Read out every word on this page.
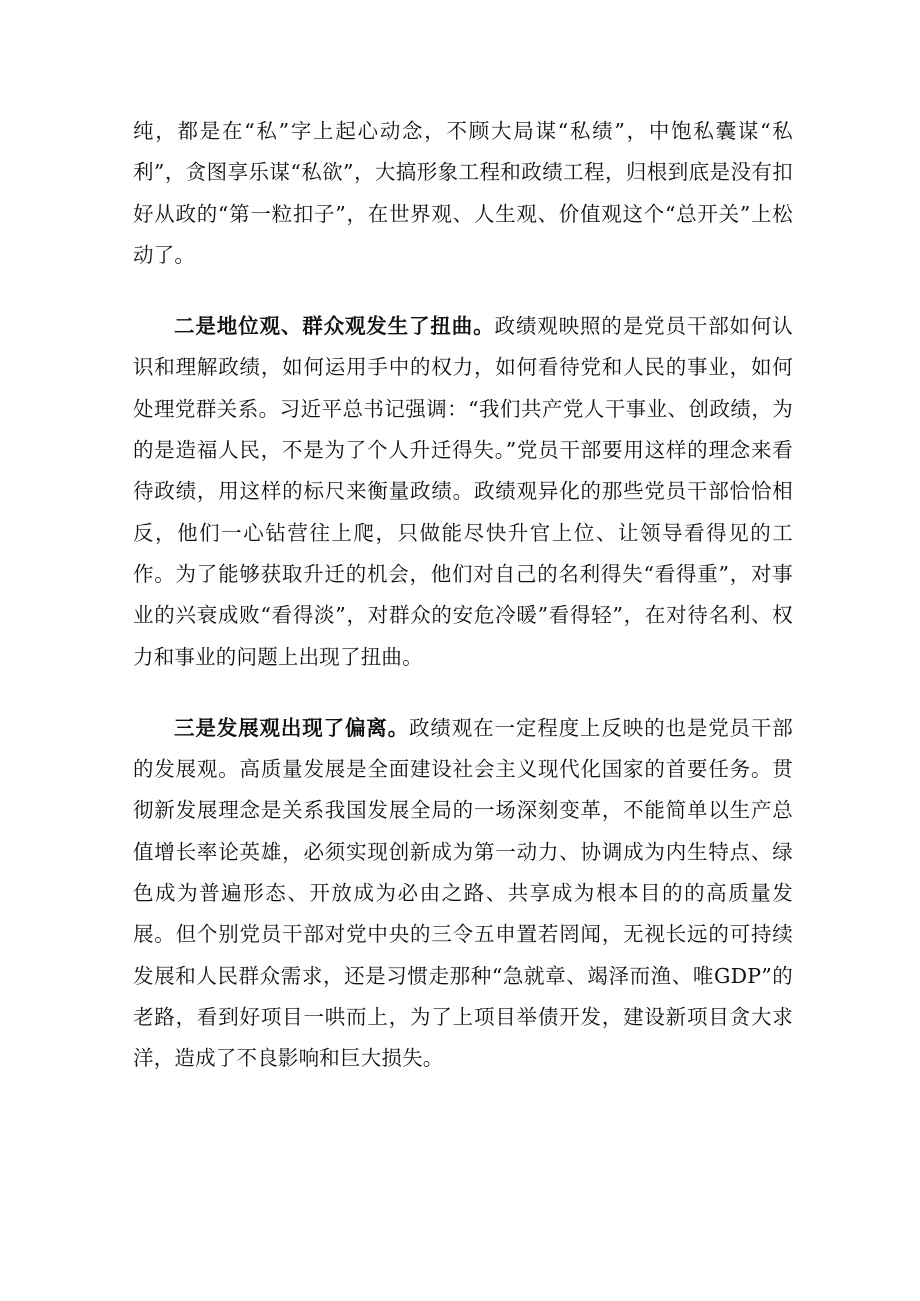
纯，都是在“私”字上起心动念，不顾大局谋“私绩”，中饱私囊谋“私利”，贪图享乐谋“私欲”，大搞形象工程和政绩工程，归根到底是没有扣好从政的“第一粒扣子”，在世界观、人生观、价值观这个“总开关”上松动了。

二是地位观、群众观发生了扭曲。政绩观映照的是党员干部如何认识和理解政绩，如何运用手中的权力，如何看待党和人民的事业，如何处理党群关系。习近平总书记强调：“我们共产党人干事业、创政绩，为的是造福人民，不是为了个人升迁得失。”党员干部要用这样的理念来看待政绩，用这样的标尺来衡量政绩。政绩观异化的那些党员干部恰恰相反，他们一心钻营往上爬，只做能尽快升官上位、让领导看得见的工作。为了能够获取升迁的机会，他们对自己的名利得失“看得重”，对事业的兴衰成败“看得淡”，对群众的安危冷暖”看得轻”，在对待名利、权力和事业的问题上出现了扭曲。

三是发展观出现了偏离。政绩观在一定程度上反映的也是党员干部的发展观。高质量发展是全面建设社会主义现代化国家的首要任务。贯彻新发展理念是关系我国发展全局的一场深刻变革，不能简单以生产总值增长率论英雄，必须实现创新成为第一动力、协调成为内生特点、绿色成为普遍形态、开放成为必由之路、共享成为根本目的的高质量发展。但个别党员干部对党中央的三令五申置若罔闻，无视长远的可持续发展和人民群众需求，还是习惯走那种“急就章、竭泽而渔、唯GDP”的老路，看到好项目一哄而上，为了上项目举债开发，建设新项目贪大求洋，造成了不良影响和巨大损失。
